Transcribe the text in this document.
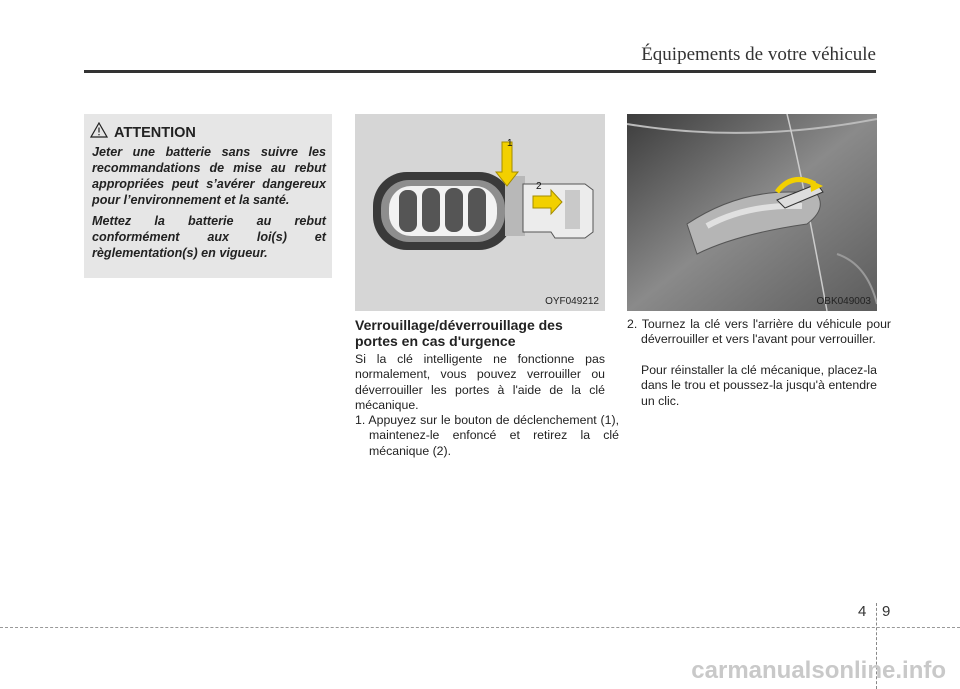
Équipements de votre véhicule
ATTENTION

Jeter une batterie sans suivre les recommandations de mise au rebut appropriées peut s’avérer dangereux pour l’environnement et la santé.

Mettez la batterie au rebut conformément aux loi(s) et règlementation(s) en vigueur.

1
2
OYF049212	OBK049003
Verrouillage/déverrouillage des portes en cas d'urgence
Si la clé intelligente ne fonctionne pas normalement, vous pouvez verrouiller ou déverrouiller les portes à l'aide de la clé mécanique.
1. Appuyez sur le bouton de déclenchement (1), maintenez-le enfoncé et retirez la clé mécanique (2).
2. Tournez la clé vers l'arrière du véhicule pour déverrouiller et vers l'avant pour verrouiller.
Pour réinstaller la clé mécanique, placez-la dans le trou et poussez-la jusqu'à entendre un clic.
4 9
carmanualsonline.info
